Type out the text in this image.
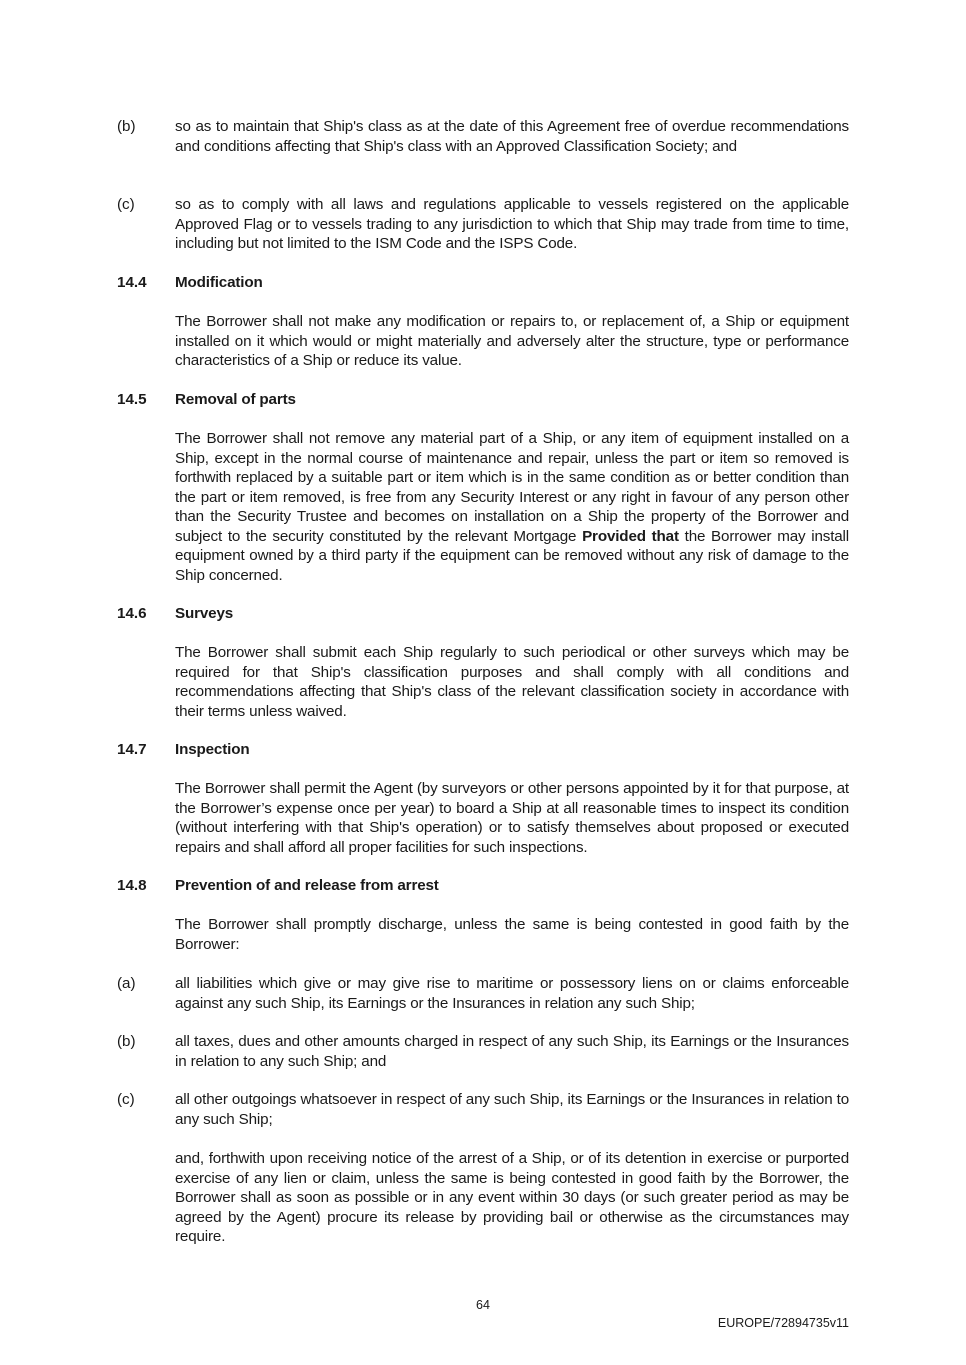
(b)	so as to maintain that Ship's class as at the date of this Agreement free of overdue recommendations and conditions affecting that Ship's class with an Approved Classification Society; and
(c)	so as to comply with all laws and regulations applicable to vessels registered on the applicable Approved Flag or to vessels trading to any jurisdiction to which that Ship may trade from time to time, including but not limited to the ISM Code and the ISPS Code.
14.4 Modification
The Borrower shall not make any modification or repairs to, or replacement of, a Ship or equipment installed on it which would or might materially and adversely alter the structure, type or performance characteristics of a Ship or reduce its value.
14.5 Removal of parts
The Borrower shall not remove any material part of a Ship, or any item of equipment installed on a Ship, except in the normal course of maintenance and repair, unless the part or item so removed is forthwith replaced by a suitable part or item which is in the same condition as or better condition than the part or item removed, is free from any Security Interest or any right in favour of any person other than the Security Trustee and becomes on installation on a Ship the property of the Borrower and subject to the security constituted by the relevant Mortgage Provided that the Borrower may install equipment owned by a third party if the equipment can be removed without any risk of damage to the Ship concerned.
14.6 Surveys
The Borrower shall submit each Ship regularly to such periodical or other surveys which may be required for that Ship's classification purposes and shall comply with all conditions and recommendations affecting that Ship's class of the relevant classification society in accordance with their terms unless waived.
14.7 Inspection
The Borrower shall permit the Agent (by surveyors or other persons appointed by it for that purpose, at the Borrower’s expense once per year) to board a Ship at all reasonable times to inspect its condition (without interfering with that Ship's operation) or to satisfy themselves about proposed or executed repairs and shall afford all proper facilities for such inspections.
14.8 Prevention of and release from arrest
The Borrower shall promptly discharge, unless the same is being contested in good faith by the Borrower:
(a)	all liabilities which give or may give rise to maritime or possessory liens on or claims enforceable against any such Ship, its Earnings or the Insurances in relation any such Ship;
(b)	all taxes, dues and other amounts charged in respect of any such Ship, its Earnings or the Insurances in relation to any such Ship; and
(c)	all other outgoings whatsoever in respect of any such Ship, its Earnings or the Insurances in relation to any such Ship;
and, forthwith upon receiving notice of the arrest of a Ship, or of its detention in exercise or purported exercise of any lien or claim, unless the same is being contested in good faith by the Borrower, the Borrower shall as soon as possible or in any event within 30 days (or such greater period as may be agreed by the Agent) procure its release by providing bail or otherwise as the circumstances may require.
64
EUROPE/72894735v11
